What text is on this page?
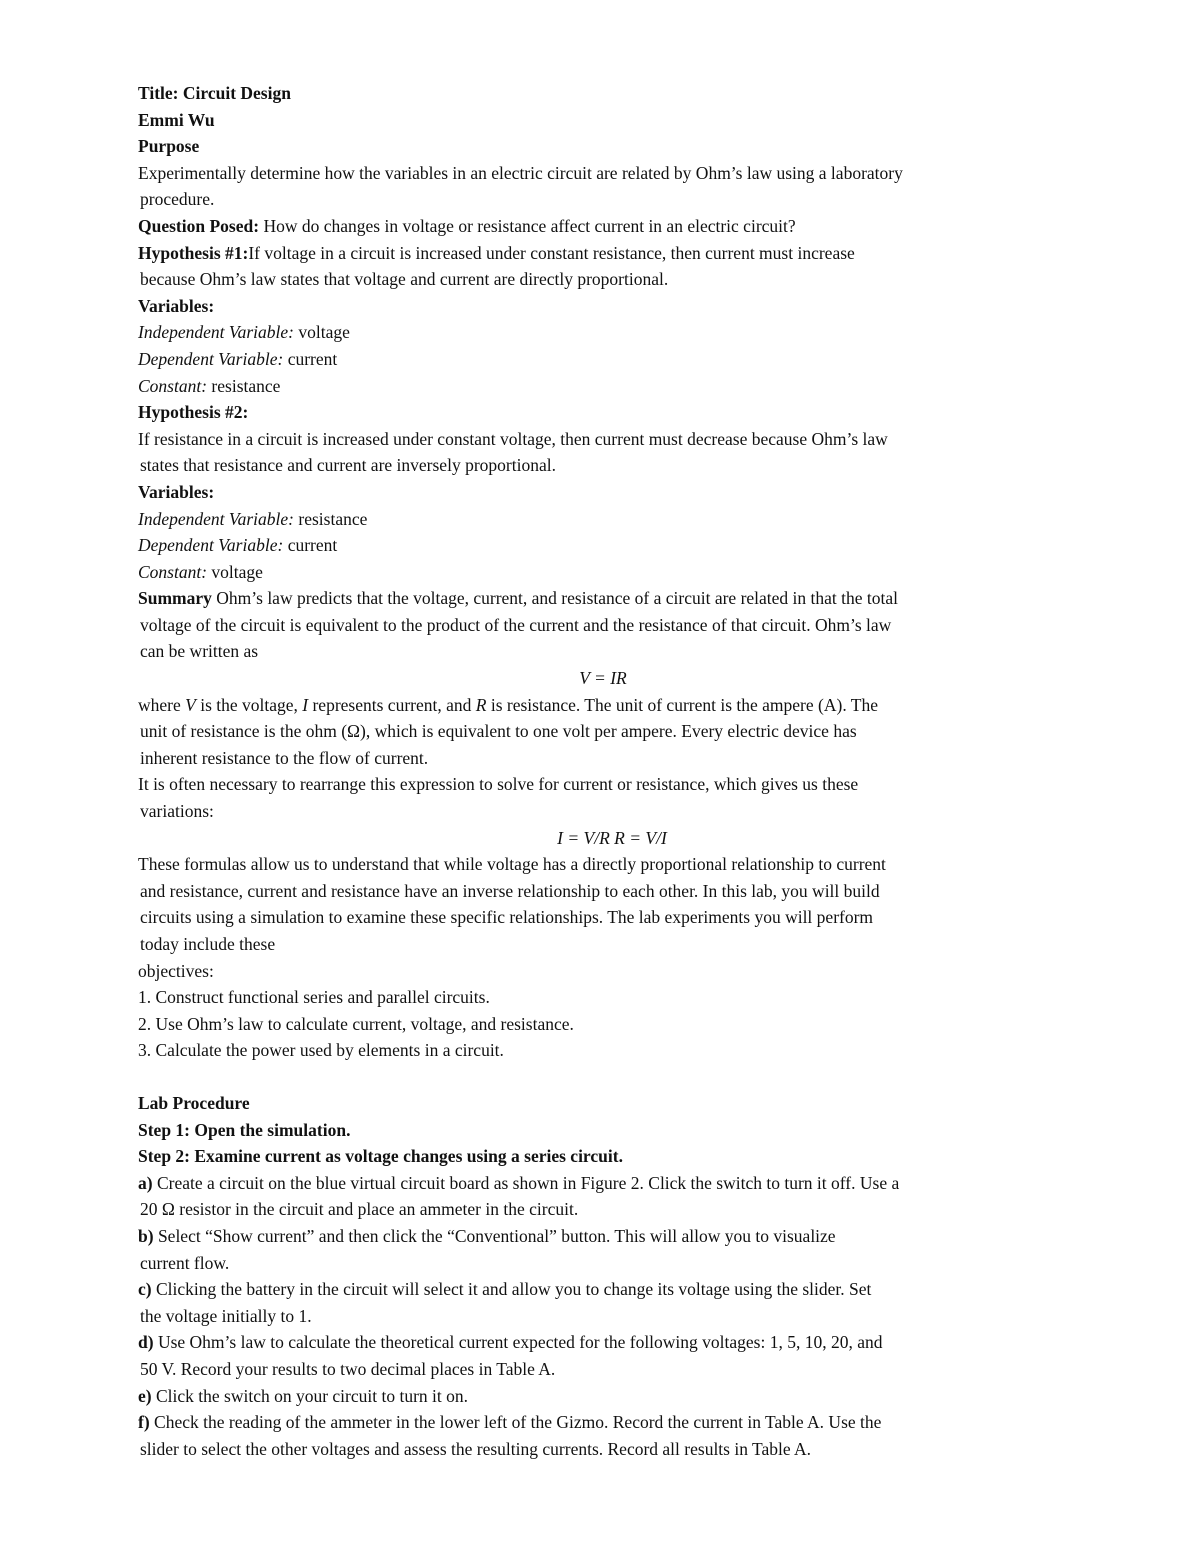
Title: Circuit Design

Emmi Wu

Purpose

Experimentally determine how the variables in an electric circuit are related by Ohm’s law using a laboratory

procedure.

Question Posed: How do changes in voltage or resistance affect current in an electric circuit?

Hypothesis #1:If voltage in a circuit is increased under constant resistance, then current must increase

because Ohm’s law states that voltage and current are directly proportional.

Variables:

Independent Variable: voltage

Dependent Variable: current

Constant: resistance

Hypothesis #2:

If resistance in a circuit is increased under constant voltage, then current must decrease because Ohm’s law

states that resistance and current are inversely proportional.

Variables:

Independent Variable: resistance

Dependent Variable: current

Constant: voltage

Summary Ohm’s law predicts that the voltage, current, and resistance of a circuit are related in that the total

voltage of the circuit is equivalent to the product of the current and the resistance of that circuit. Ohm’s law

can be written as

V = IR

where V is the voltage, I represents current, and R is resistance. The unit of current is the ampere (A). The

unit of resistance is the ohm (Ω), which is equivalent to one volt per ampere. Every electric device has

inherent resistance to the flow of current.

It is often necessary to rearrange this expression to solve for current or resistance, which gives us these

variations:

I = V/R R = V/I

These formulas allow us to understand that while voltage has a directly proportional relationship to current

and resistance, current and resistance have an inverse relationship to each other. In this lab, you will build

circuits using a simulation to examine these specific relationships. The lab experiments you will perform

today include these

objectives:

1. Construct functional series and parallel circuits.

2. Use Ohm’s law to calculate current, voltage, and resistance.

3. Calculate the power used by elements in a circuit.

Lab Procedure

Step 1: Open the simulation.

Step 2: Examine current as voltage changes using a series circuit.

a) Create a circuit on the blue virtual circuit board as shown in Figure 2. Click the switch to turn it off. Use a

20 Ω resistor in the circuit and place an ammeter in the circuit.

b) Select “Show current” and then click the “Conventional” button. This will allow you to visualize

current flow.

c) Clicking the battery in the circuit will select it and allow you to change its voltage using the slider. Set

the voltage initially to 1.

d) Use Ohm’s law to calculate the theoretical current expected for the following voltages: 1, 5, 10, 20, and

50 V. Record your results to two decimal places in Table A.

e) Click the switch on your circuit to turn it on.

f) Check the reading of the ammeter in the lower left of the Gizmo. Record the current in Table A. Use the

slider to select the other voltages and assess the resulting currents. Record all results in Table A.
